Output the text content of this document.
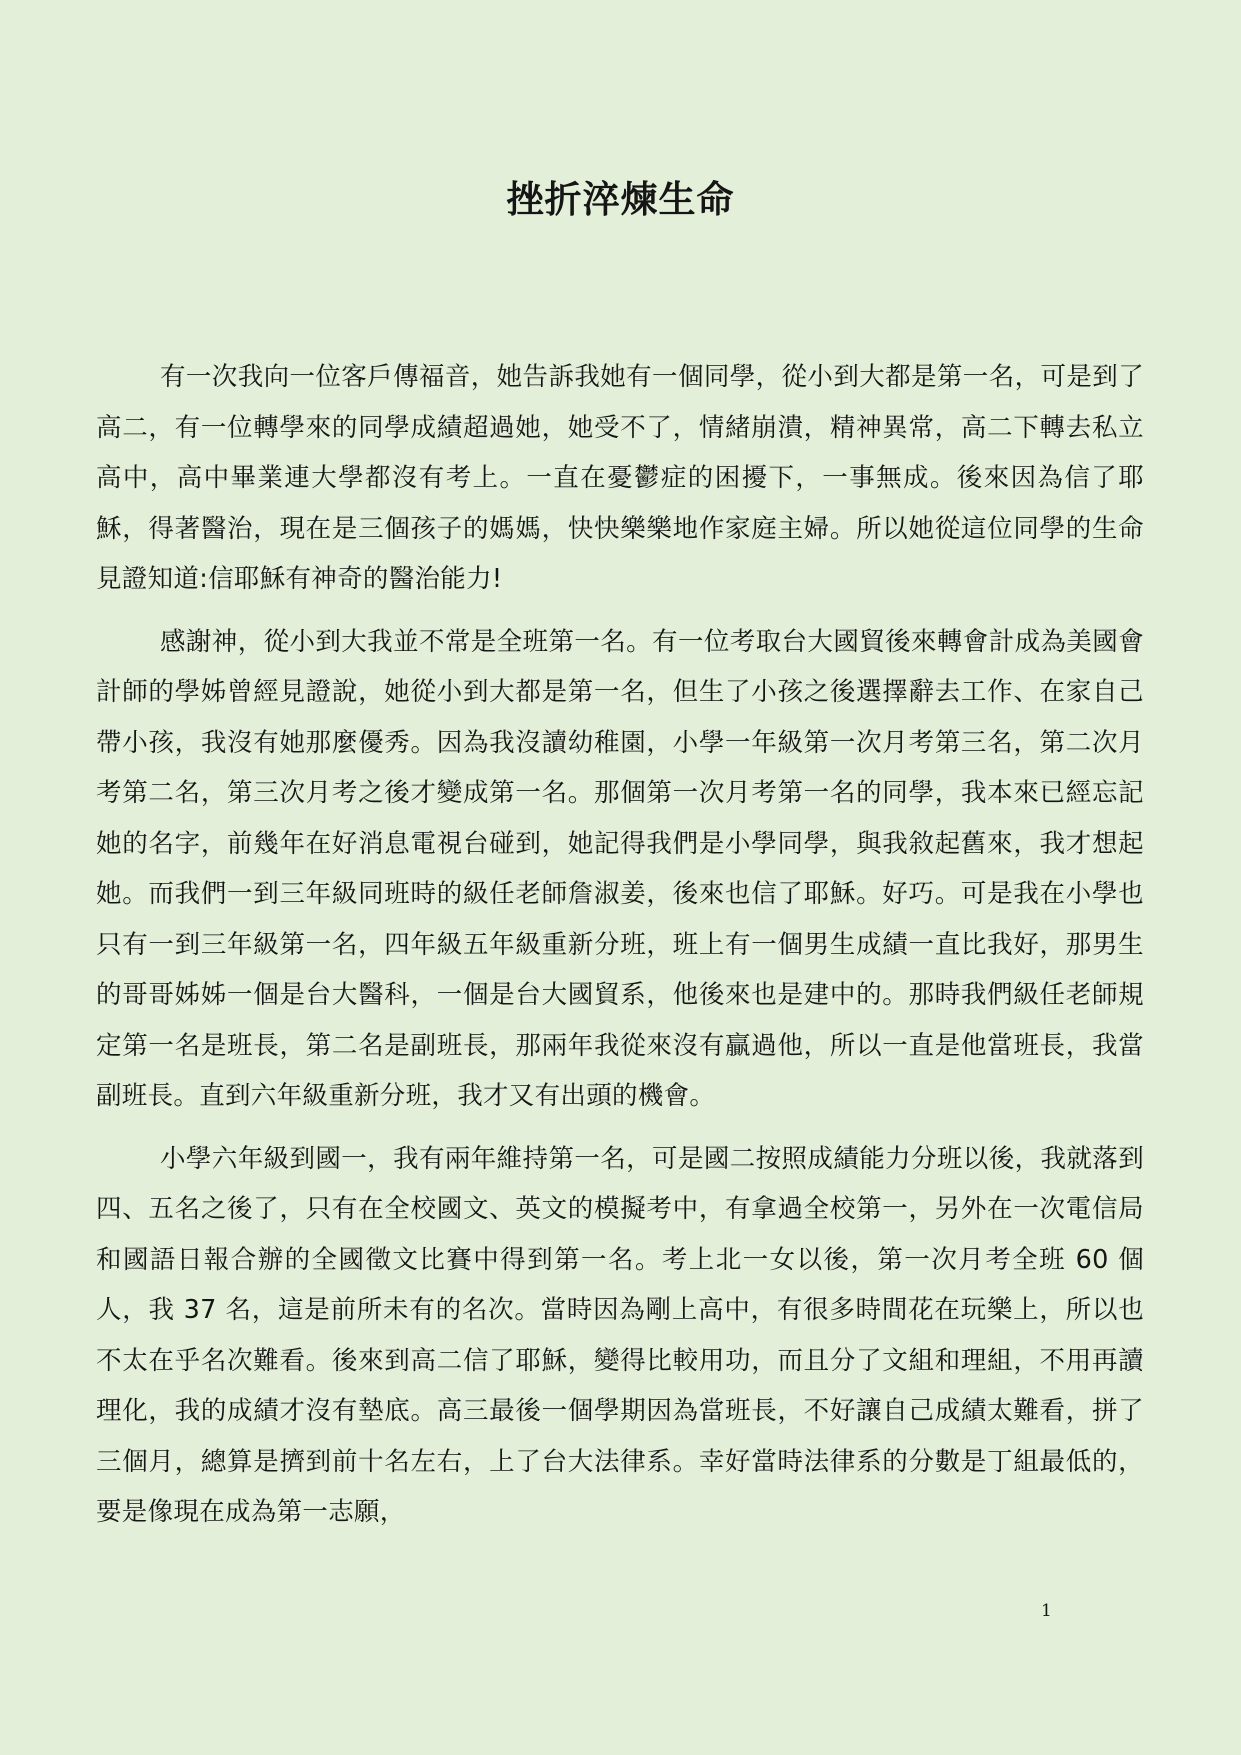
挫折淬煉生命

有一次我向一位客戶傳福音，她告訴我她有一個同學，從小到大都是第一名，可是到了高二，有一位轉學來的同學成績超過她，她受不了，情緒崩潰，精神異常，高二下轉去私立高中，高中畢業連大學都沒有考上。一直在憂鬱症的困擾下，一事無成。後來因為信了耶穌，得著醫治，現在是三個孩子的媽媽，快快樂樂地作家庭主婦。所以她從這位同學的生命見證知道:信耶穌有神奇的醫治能力!

感謝神，從小到大我並不常是全班第一名。有一位考取台大國貿後來轉會計成為美國會計師的學姊曾經見證說，她從小到大都是第一名，但生了小孩之後選擇辭去工作、在家自己帶小孩，我沒有她那麼優秀。因為我沒讀幼稚園，小學一年級第一次月考第三名，第二次月考第二名，第三次月考之後才變成第一名。那個第一次月考第一名的同學，我本來已經忘記她的名字，前幾年在好消息電視台碰到，她記得我們是小學同學，與我敘起舊來，我才想起她。而我們一到三年級同班時的級任老師詹淑姜，後來也信了耶穌。好巧。可是我在小學也只有一到三年級第一名，四年級五年級重新分班，班上有一個男生成績一直比我好，那男生的哥哥姊姊一個是台大醫科，一個是台大國貿系，他後來也是建中的。那時我們級任老師規定第一名是班長，第二名是副班長，那兩年我從來沒有贏過他，所以一直是他當班長，我當副班長。直到六年級重新分班，我才又有出頭的機會。

小學六年級到國一，我有兩年維持第一名，可是國二按照成績能力分班以後，我就落到四、五名之後了，只有在全校國文、英文的模擬考中，有拿過全校第一，另外在一次電信局和國語日報合辦的全國徵文比賽中得到第一名。考上北一女以後，第一次月考全班 60 個人，我 37 名，這是前所未有的名次。當時因為剛上高中，有很多時間花在玩樂上，所以也不太在乎名次難看。後來到高二信了耶穌，變得比較用功，而且分了文組和理組，不用再讀理化，我的成績才沒有墊底。高三最後一個學期因為當班長，不好讓自己成績太難看，拼了三個月，總算是擠到前十名左右，上了台大法律系。幸好當時法律系的分數是丁組最低的，要是像現在成為第一志願，

1
